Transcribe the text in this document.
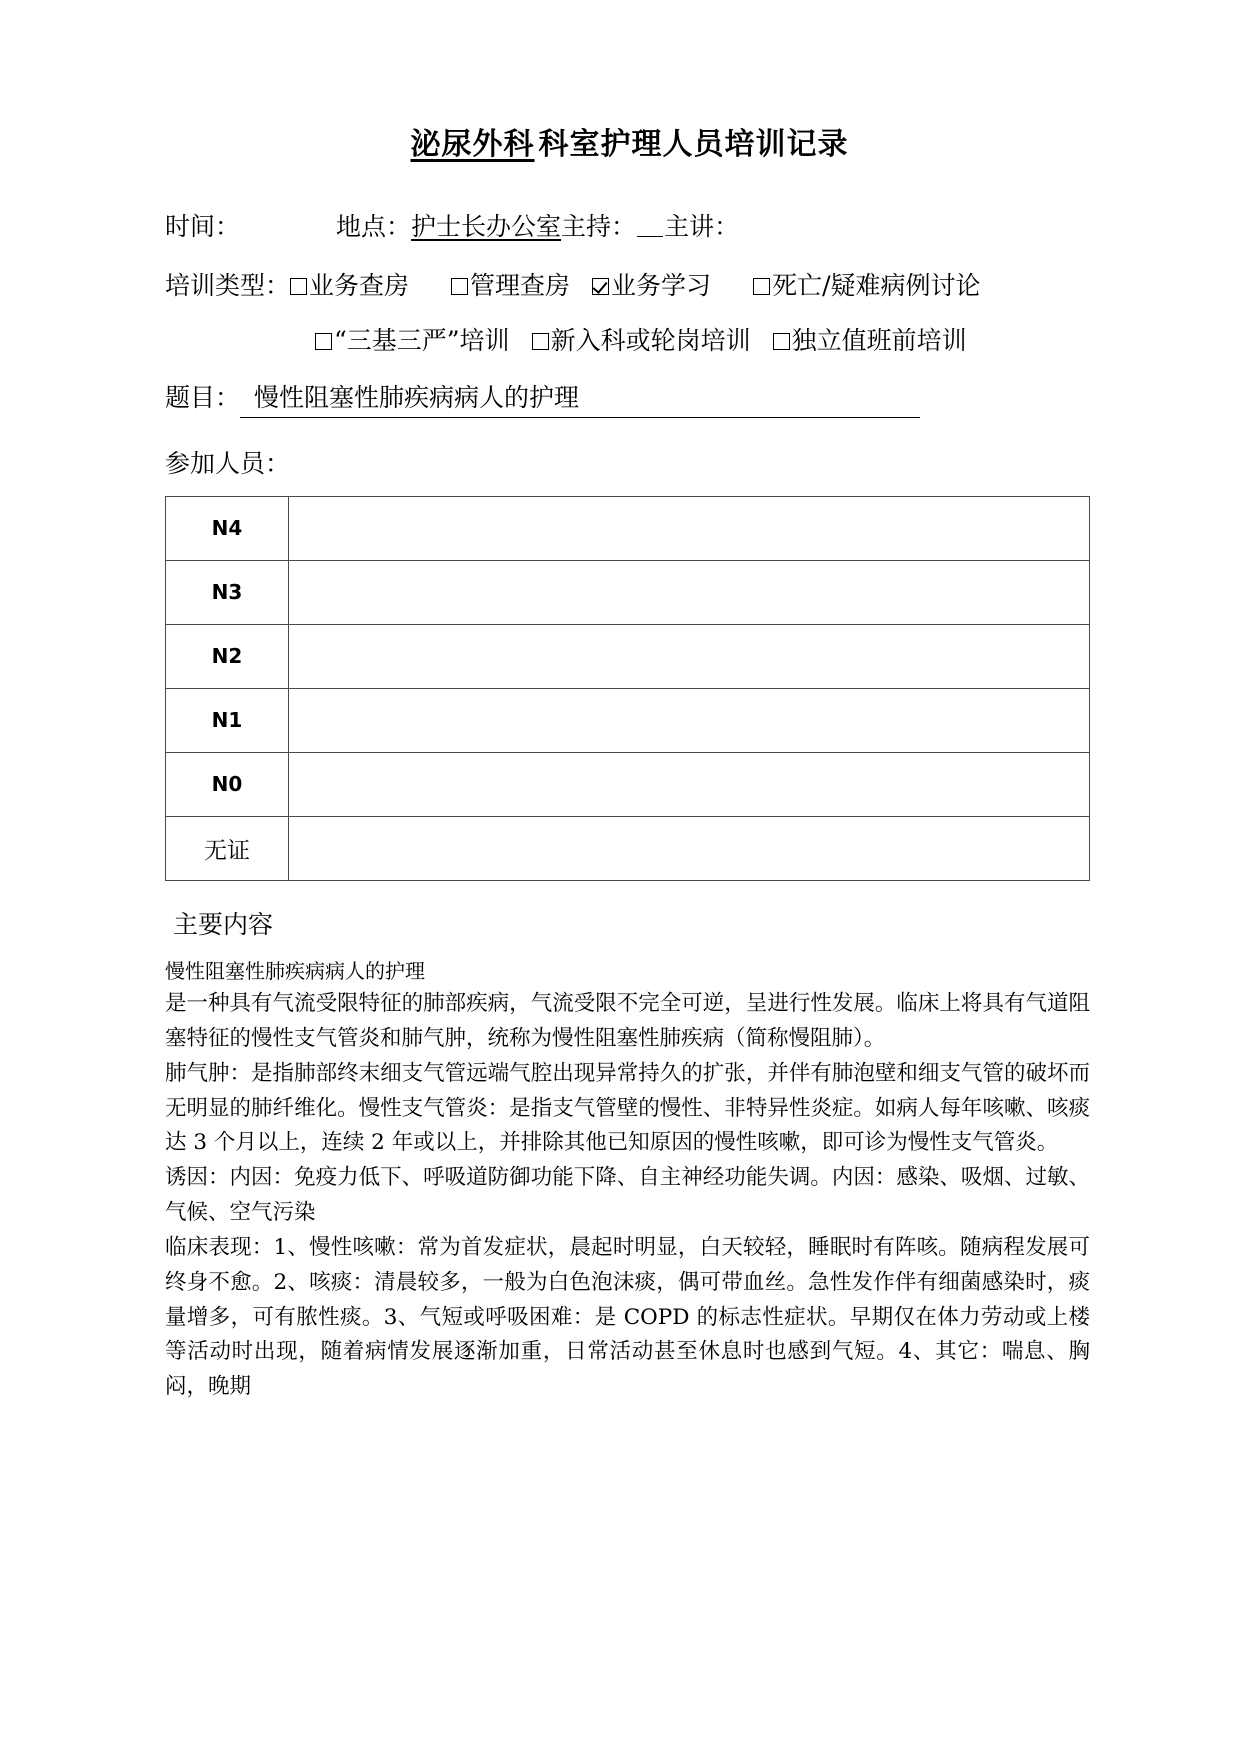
泌尿外科 科室护理人员培训记录
时间：	地点：护士长办公室主持： 主讲：
培训类型： 业务查房 管理查房 业务学习 死亡/疑难病例讨论
“三基三严”培训 新入科或轮岗培训 独立值班前培训
题目： 慢性阻塞性肺疾病病人的护理
参加人员：
N4	
N3	
N2	
N1	
N0	
无证	
主要内容

慢性阻塞性肺疾病病人的护理

是一种具有气流受限特征的肺部疾病，气流受限不完全可逆，呈进行性发展。临床上将具有气道阻塞特征的慢性支气管炎和肺气肿，统称为慢性阻塞性肺疾病（简称慢阻肺）。

肺气肿：是指肺部终末细支气管远端气腔出现异常持久的扩张，并伴有肺泡壁和细支气管的破坏而无明显的肺纤维化。慢性支气管炎：是指支气管壁的慢性、非特异性炎症。如病人每年咳嗽、咳痰达 3 个月以上，连续 2 年或以上，并排除其他已知原因的慢性咳嗽，即可诊为慢性支气管炎。

诱因：内因：免疫力低下、呼吸道防御功能下降、自主神经功能失调。内因：感染、吸烟、过敏、气候、空气污染

临床表现：1、慢性咳嗽：常为首发症状，晨起时明显，白天较轻，睡眠时有阵咳。随病程发展可终身不愈。2、咳痰：清晨较多，一般为白色泡沫痰，偶可带血丝。急性发作伴有细菌感染时，痰量增多，可有脓性痰。3、气短或呼吸困难：是 COPD 的标志性症状。早期仅在体力劳动或上楼等活动时出现，随着病情发展逐渐加重，日常活动甚至休息时也感到气短。4、其它：喘息、胸闷，晚期
